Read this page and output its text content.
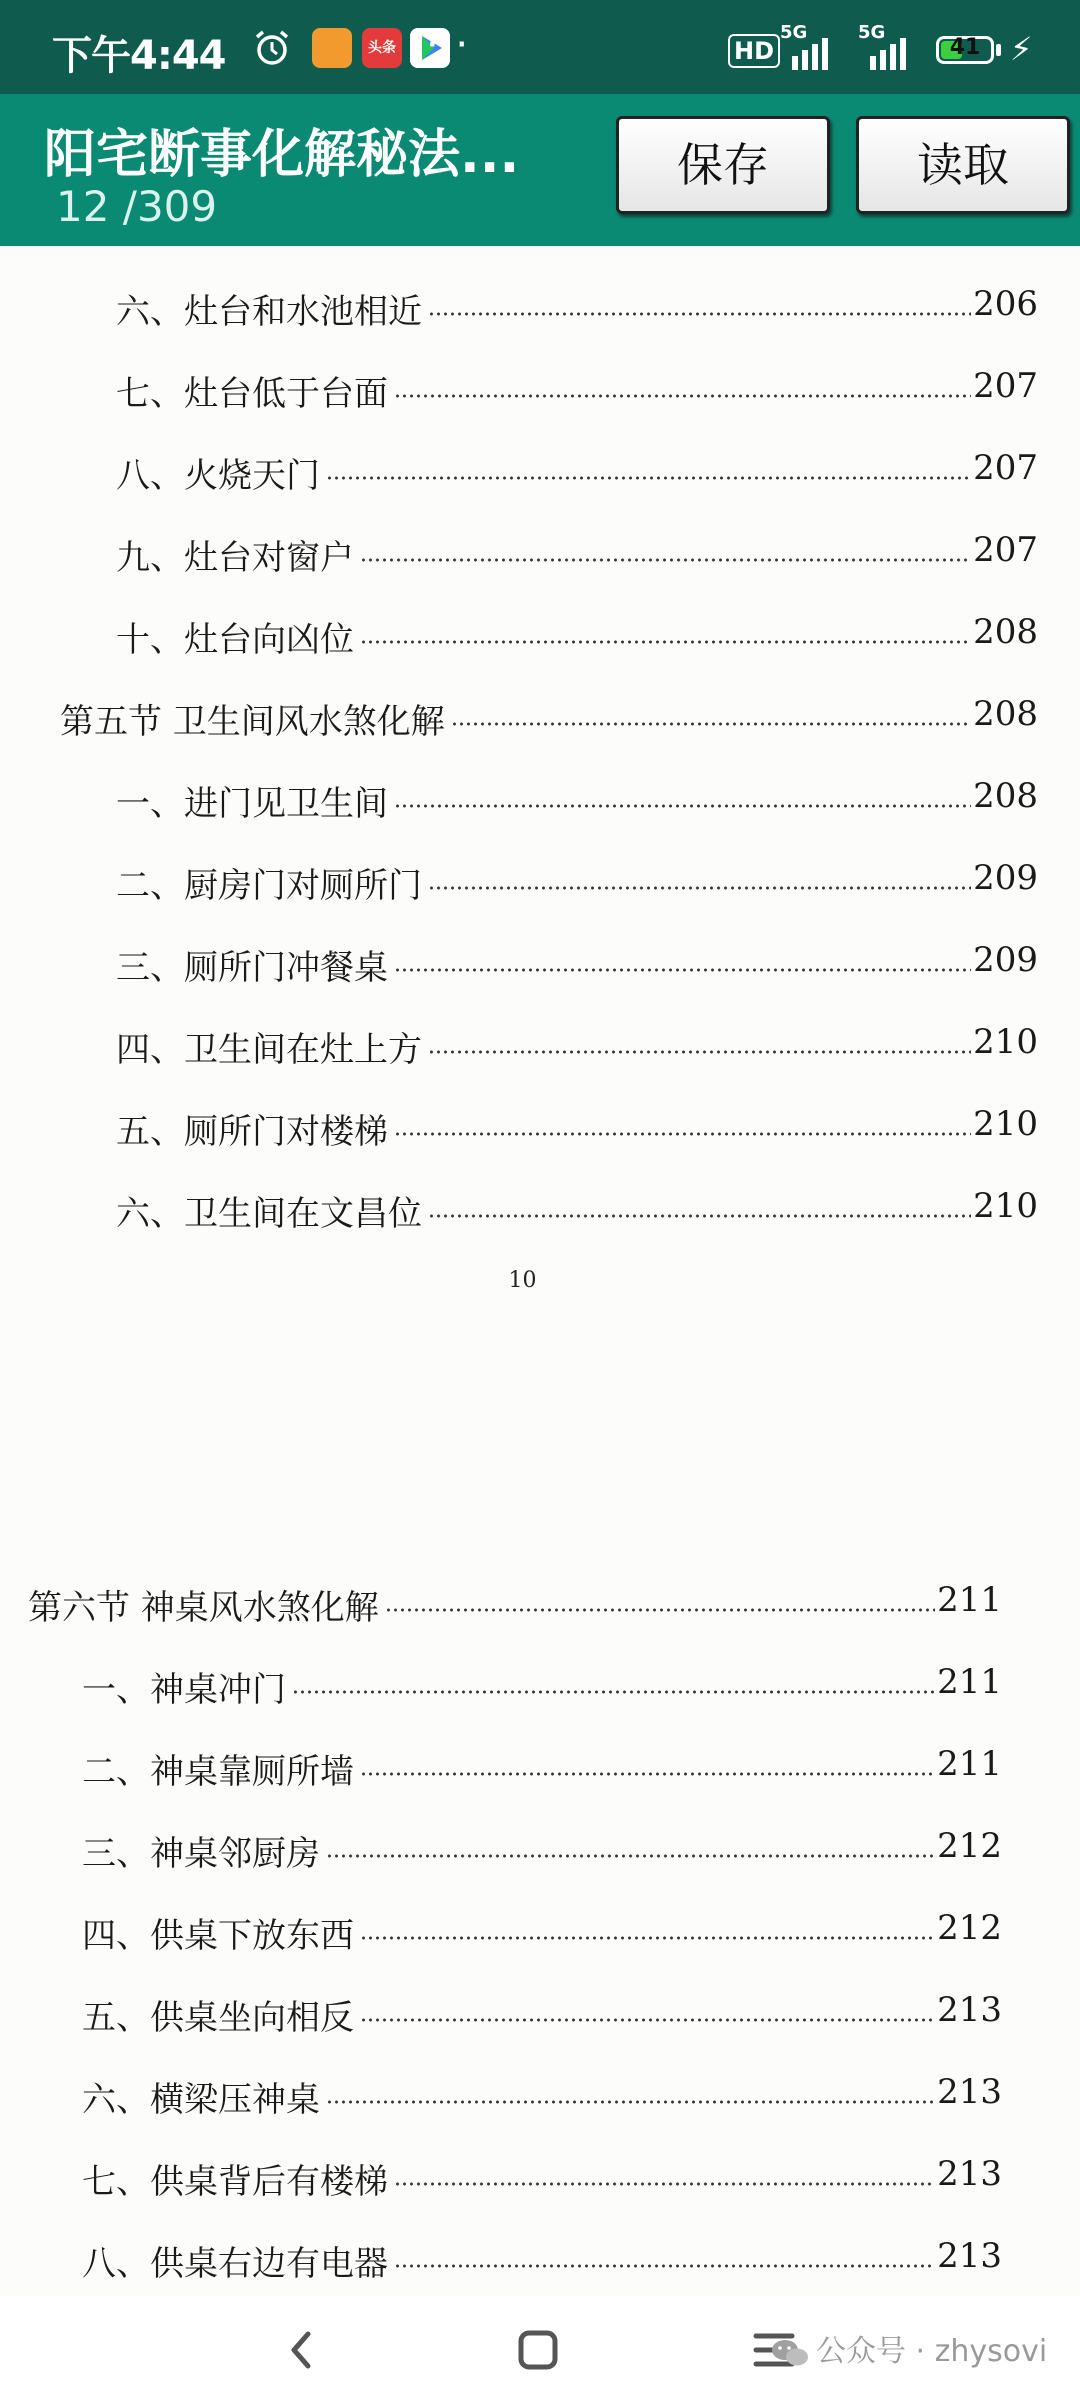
下午4:44	头条 ···	HD
5G	5G
41 ⚡
阳宅断事化解秘法...
12 /309
保存	读取
六、灶台和水池相近	206
七、灶台低于台面	207
八、火烧天门	207
九、灶台对窗户	207
十、灶台向凶位	208
第五节 卫生间风水煞化解	208
一、进门见卫生间	208
二、厨房门对厕所门	209
三、厕所门冲餐桌	209
四、卫生间在灶上方	210
五、厕所门对楼梯	210
六、卫生间在文昌位	210
10
第六节 神桌风水煞化解	211
一、神桌冲门	211
二、神桌靠厕所墙	211
三、神桌邻厨房	212
四、供桌下放东西	212
五、供桌坐向相反	213
六、横梁压神桌	213
七、供桌背后有楼梯	213
八、供桌右边有电器	213
公众号 · zhysovi
